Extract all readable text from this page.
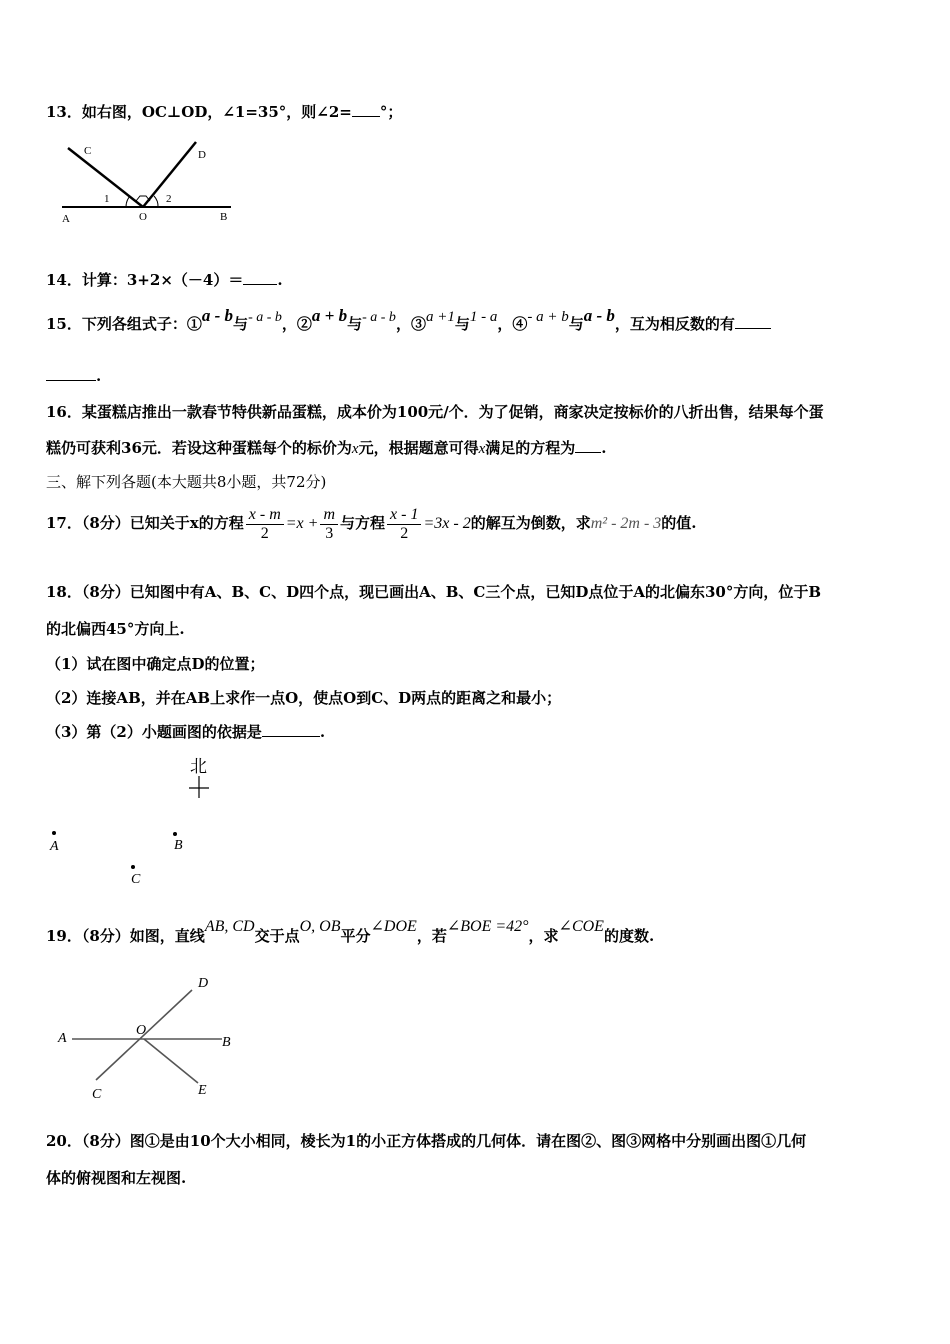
13．如右图，OC⊥OD，∠1=35°，则∠2= °；
C	D
1	2
A	O	B
14．计算：3+2×（－4）＝ .
15．下列各组式子：①a - b与- a - b，②a + b与- a - b，③a +1与1 - a，④- a + b与a - b，互为相反数的有
.
16．某蛋糕店推出一款春节特供新品蛋糕，成本价为100元/个．为了促销，商家决定按标价的八折出售，结果每个蛋
糕仍可获利36元．若设这种蛋糕每个的标价为x元，根据题意可得x满足的方程为 .
三、解下列各题(本大题共8小题，共72分)
17．（8分）已知关于x的方程 $\frac{x - m}{2} =x + \frac{m}{3}$ 与方程 $\frac{x - 1}{2} =3x - 2$的解互为倒数，求m² - 2m - 3的值.
18．（8分）已知图中有A、B、C、D四个点，现已画出A、B、C三个点，已知D点位于A的北偏东30°方向，位于B
的北偏西45°方向上.
（1）试在图中确定点D的位置；
（2）连接AB，并在AB上求作一点O，使点O到C、D两点的距离之和最小；
（3）第（2）小题画图的依据是	.
北
A	B
C
19．（8分）如图，直线AB, CD交于点O, OB平分∠DOE，若∠BOE =42°，求∠COE的度数.
D
A
O
B
C	E
20．（8分）图①是由10个大小相同，棱长为1的小正方体搭成的几何体．请在图②、图③网格中分别画出图①几何
体的俯视图和左视图.
